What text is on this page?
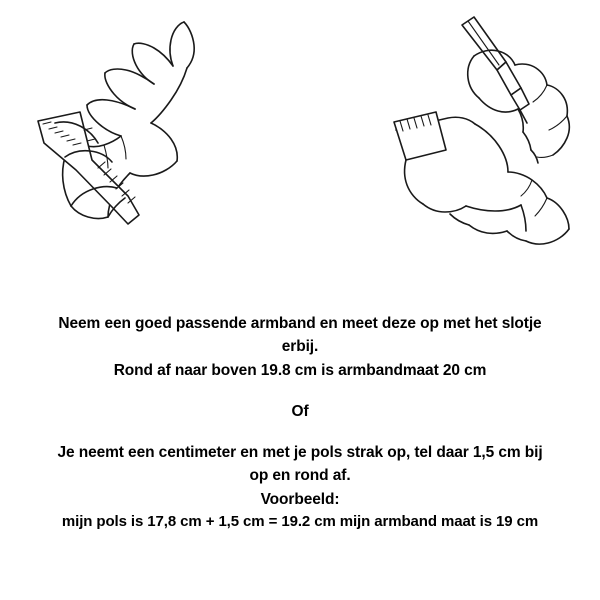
Neem een goed passende armband en meet deze op met het slotje
erbij.
Rond af naar boven 19.8 cm is armbandmaat 20 cm
Of
Je neemt een centimeter en met je pols strak op, tel daar 1,5 cm bij
op en rond af.
Voorbeeld:
mijn pols is 17,8 cm + 1,5 cm = 19.2 cm mijn armband maat is 19 cm
